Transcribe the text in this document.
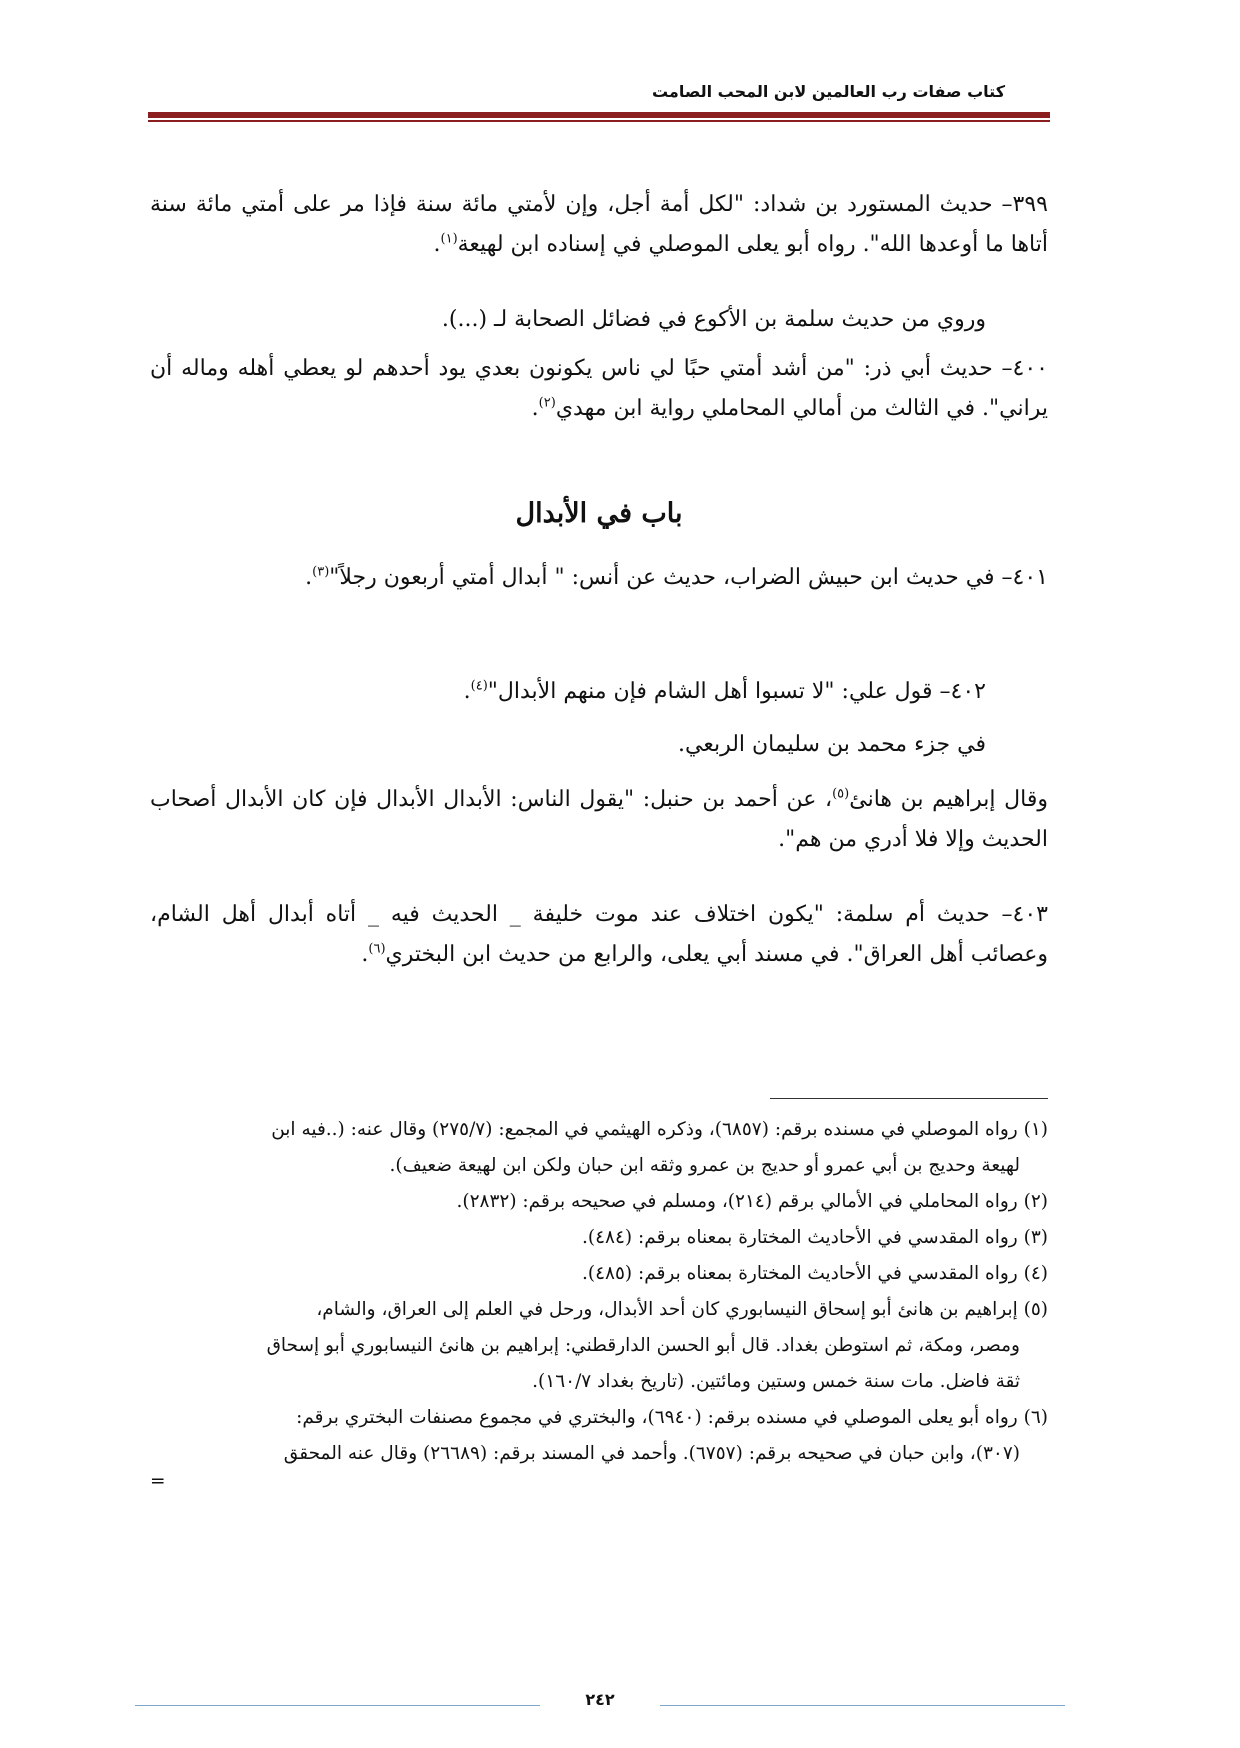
كتاب صفات رب العالمين لابن المحب الصامت
٣٩٩– حديث المستورد بن شداد: "لكل أمة أجل، وإن لأمتي مائة سنة فإذا مر على أمتي مائة سنة أتاها ما أوعدها الله". رواه أبو يعلى الموصلي في إسناده ابن لهيعة$^{(١)}$.
وروي من حديث سلمة بن الأكوع في فضائل الصحابة لـ (...).
٤٠٠– حديث أبي ذر: "من أشد أمتي حبًا لي ناس يكونون بعدي يود أحدهم لو يعطي أهله وماله أن يراني". في الثالث من أمالي المحاملي رواية ابن مهدي$^{(٢)}$.
باب في الأبدال
٤٠١– في حديث ابن حبيش الضراب، حديث عن أنس: " أبدال أمتي أربعون رجلاً"$^{(٣)}$.
٤٠٢– قول علي: "لا تسبوا أهل الشام فإن منهم الأبدال"$^{(٤)}$.
في جزء محمد بن سليمان الربعي.
وقال إبراهيم بن هانئ$^{(٥)}$، عن أحمد بن حنبل: "يقول الناس: الأبدال الأبدال فإن كان الأبدال أصحاب الحديث وإلا فلا أدري من هم".
٤٠٣– حديث أم سلمة: "يكون اختلاف عند موت خليفة _ الحديث فيه _ أتاه أبدال أهل الشام، وعصائب أهل العراق". في مسند أبي يعلى، والرابع من حديث ابن البختري$^{(٦)}$.
(١) رواه الموصلي في مسنده برقم: (٦٨٥٧)، وذكره الهيثمي في المجمع: (٢٧٥/٧) وقال عنه: (..فيه ابن
لهيعة وحديج بن أبي عمرو أو حديج بن عمرو وثقه ابن حبان ولكن ابن لهيعة ضعيف).
(٢) رواه المحاملي في الأمالي برقم (٢١٤)، ومسلم في صحيحه برقم: (٢٨٣٢).
(٣) رواه المقدسي في الأحاديث المختارة بمعناه برقم: (٤٨٤).
(٤) رواه المقدسي في الأحاديث المختارة بمعناه برقم: (٤٨٥).
(٥) إبراهيم بن هانئ أبو إسحاق النيسابوري كان أحد الأبدال، ورحل في العلم إلى العراق، والشام،
ومصر، ومكة، ثم استوطن بغداد. قال أبو الحسن الدارقطني: إبراهيم بن هانئ النيسابوري أبو إسحاق
ثقة فاضل. مات سنة خمس وستين ومائتين. (تاريخ بغداد ١٦٠/٧).
(٦) رواه أبو يعلى الموصلي في مسنده برقم: (٦٩٤٠)، والبختري في مجموع مصنفات البختري برقم:
(٣٠٧)، وابن حبان في صحيحه برقم: (٦٧٥٧). وأحمد في المسند برقم: (٢٦٦٨٩) وقال عنه المحقق
=
٢٤٢
